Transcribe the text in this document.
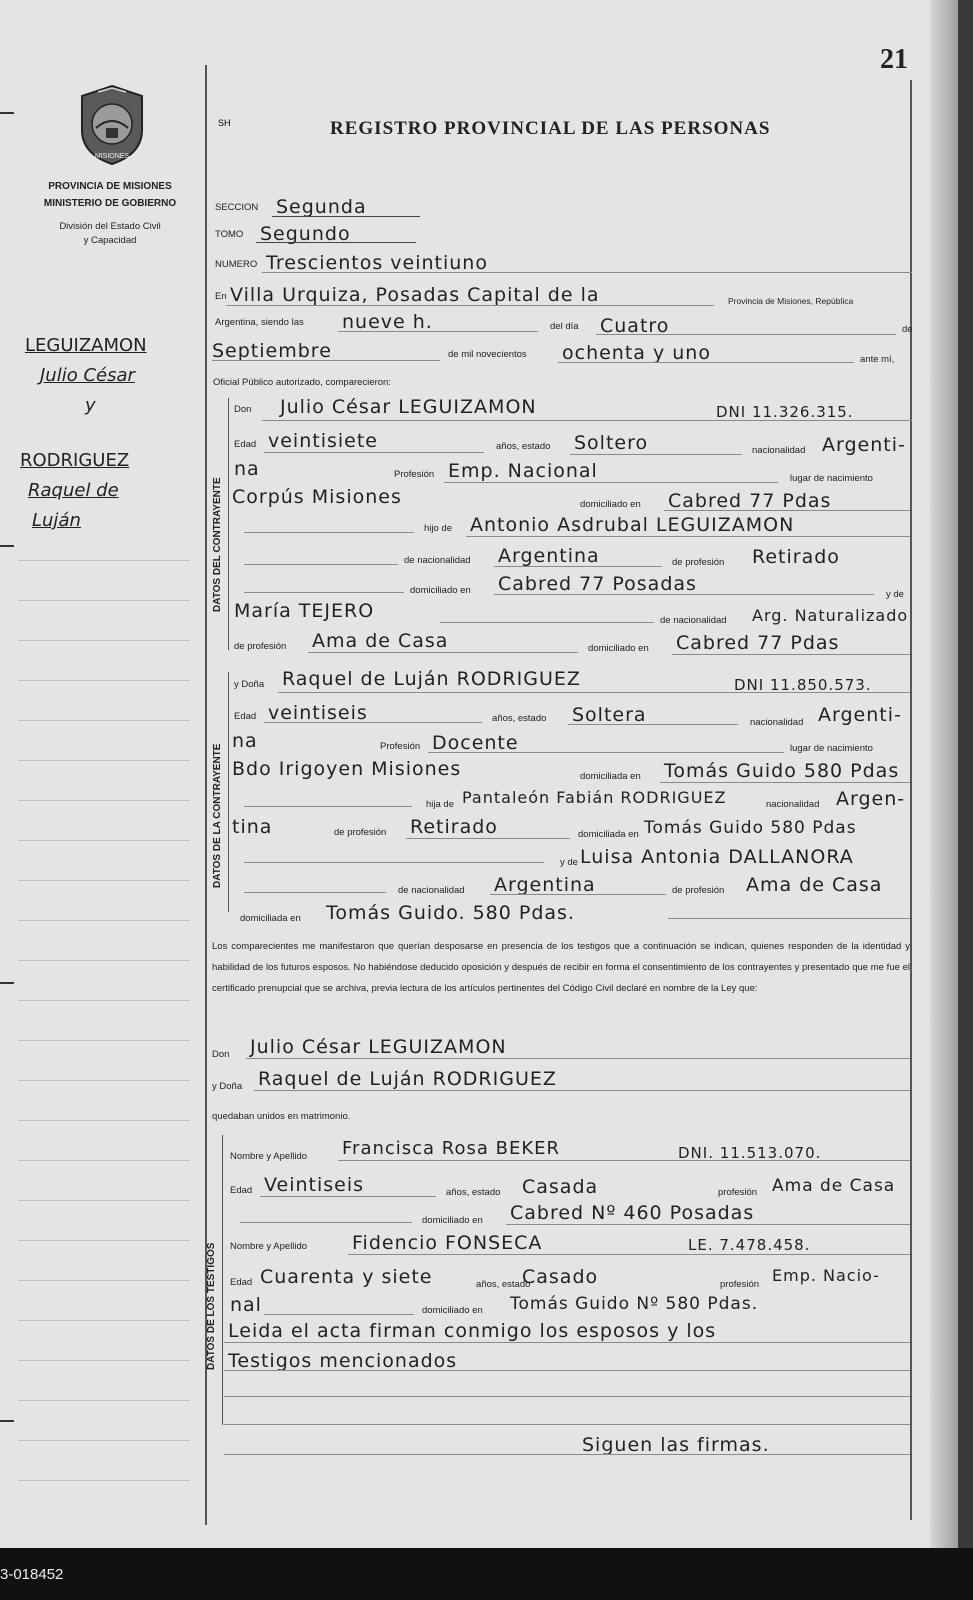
21
MISIONES
PROVINCIA DE MISIONES
MINISTERIO DE GOBIERNO
División del Estado Civil
y Capacidad
SH	REGISTRO PROVINCIAL DE LAS PERSONAS
LEGUIZAMON
Julio César
y
RODRIGUEZ
Raquel de
Luján
SECCION Segunda
TOMO Segundo
NUMERO Trescientos veintiuno
En Villa Urquiza, Posadas Capital de la	Provincia de Misiones, República
Argentina, siendo las nueve h.	del día Cuatro	de
Septiembre	de mil novecientos ochenta y uno	ante mí,
Oficial Público autorizado, comparecieron:
DATOS DEL CONTRAYENTE
Don Julio César LEGUIZAMON	DNI 11.326.315.
Edad veintisiete	años, estado Soltero	nacionalidad Argenti-
na	Profesión Emp. Nacional	lugar de nacimiento
Corpús Misiones	domiciliado en Cabred 77 Pdas
hijo de Antonio Asdrubal LEGUIZAMON
de nacionalidad Argentina	de profesión Retirado
domiciliado en Cabred 77 Posadas	y de
María TEJERO	de nacionalidad Arg. Naturalizado
de profesión Ama de Casa	domiciliado en Cabred 77 Pdas
DATOS DE LA CONTRAYENTE
y Doña Raquel de Luján RODRIGUEZ	DNI 11.850.573.
Edad veintiseis	años, estado Soltera	nacionalidad Argenti-
na	Profesión Docente	lugar de nacimiento
Bdo Irigoyen Misiones	domiciliada en Tomás Guido 580 Pdas
hija de Pantaleón Fabián RODRIGUEZ	nacionalidad Argen-
tina	de profesión Retirado	domiciliada en Tomás Guido 580 Pdas
y de Luisa Antonia DALLANORA
de nacionalidad Argentina	de profesión Ama de Casa
domiciliada en Tomás Guido. 580 Pdas.
Los comparecientes me manifestaron que querían desposarse en presencia de los testigos que a continuación se indican, quienes responden de la identidad y habilidad de los futuros esposos. No habiéndose deducido oposición y después de recibir en forma el consentimiento de los contrayentes y presentado que me fue el certificado prenupcial que se archiva, previa lectura de los artículos pertinentes del Código Civil declaré en nombre de la Ley que:
Don Julio César LEGUIZAMON
y Doña Raquel de Luján RODRIGUEZ
quedaban unidos en matrimonio.
DATOS DE LOS TESTIGOS
Nombre y Apellido Francisca Rosa BEKER	DNI. 11.513.070.
Edad Veintiseis	años, estado Casada	profesión Ama de Casa
domiciliado en Cabred Nº 460 Posadas
Nombre y Apellido Fidencio FONSECA	LE. 7.478.458.
Edad Cuarenta y siete	años, estado
Casado	profesión Emp. Nacio-
nal	domiciliado en Tomás Guido Nº 580 Pdas.
Leida el acta firman conmigo los esposos y los
Testigos mencionados
Siguen las firmas.
3-018452
